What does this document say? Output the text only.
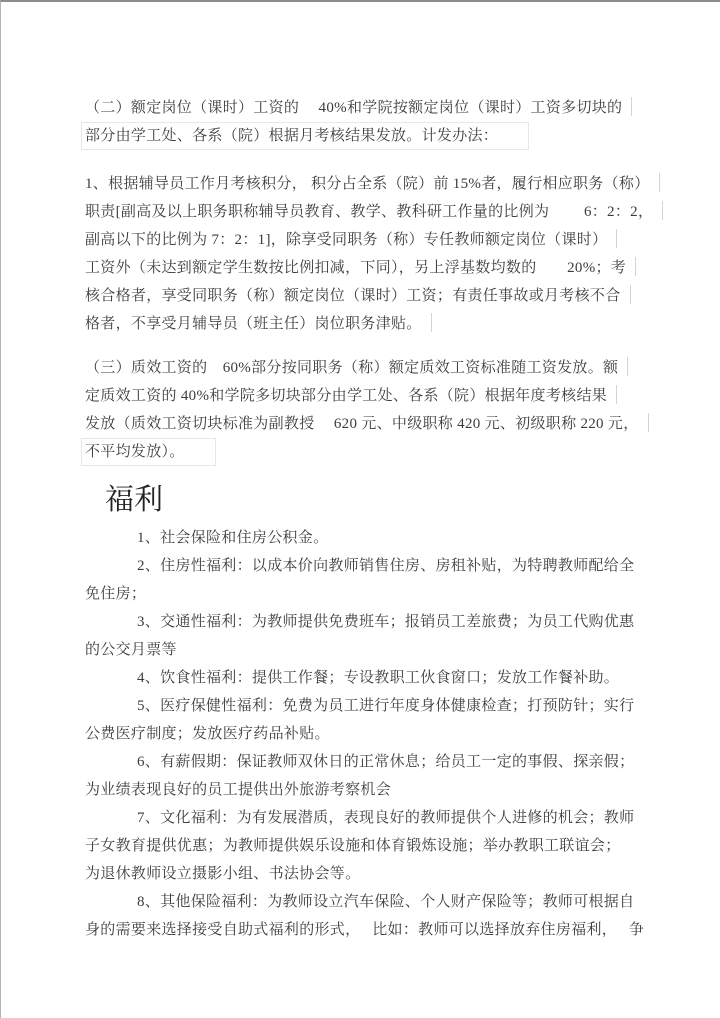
（二）额定岗位（课时）工资的　 40%和学院按额定岗位（课时）工资多切块的
部分由学工处、各系（院）根据月考核结果发放。计发办法：
1、根据辅导员工作月考核积分， 积分占全系（院）前 15%者，履行相应职务（称）
职责[副高及以上职务职称辅导员教育、教学、教科研工作量的比例为　　 6：2：2，
副高以下的比例为 7：2：1]，除享受同职务（称）专任教师额定岗位（课时）
工资外（未达到额定学生数按比例扣减，下同），另上浮基数均数的　　20%；考
核合格者，享受同职务（称）额定岗位（课时）工资；有责任事故或月考核不合
格者，不享受月辅导员（班主任）岗位职务津贴。
（三）质效工资的　60%部分按同职务（称）额定质效工资标准随工资发放。额
定质效工资的 40%和学院多切块部分由学工处、各系（院）根据年度考核结果
发放（质效工资切块标准为副教授　 620 元、中级职称 420 元、初级职称 220 元，
不平均发放）。
福利
1、社会保险和住房公积金。
2、住房性福利：以成本价向教师销售住房、房租补贴，为特聘教师配给全
免住房；
3、交通性福利：为教师提供免费班车；报销员工差旅费；为员工代购优惠
的公交月票等
4、饮食性福利：提供工作餐；专设教职工伙食窗口；发放工作餐补助。
5、医疗保健性福利：免费为员工进行年度身体健康检查；打预防针；实行
公费医疗制度；发放医疗药品补贴。
6、有薪假期：保证教师双休日的正常休息；给员工一定的事假、探亲假；
为业绩表现良好的员工提供出外旅游考察机会
7、文化福利：为有发展潜质，表现良好的教师提供个人进修的机会；教师
子女教育提供优惠；为教师提供娱乐设施和体育锻炼设施；举办教职工联谊会；
为退休教师设立摄影小组、书法协会等。
8、其他保险福利：为教师设立汽车保险、个人财产保险等；教师可根据自
身的需要来选择接受自助式福利的形式，　 比如：教师可以选择放弃住房福利，　 争
